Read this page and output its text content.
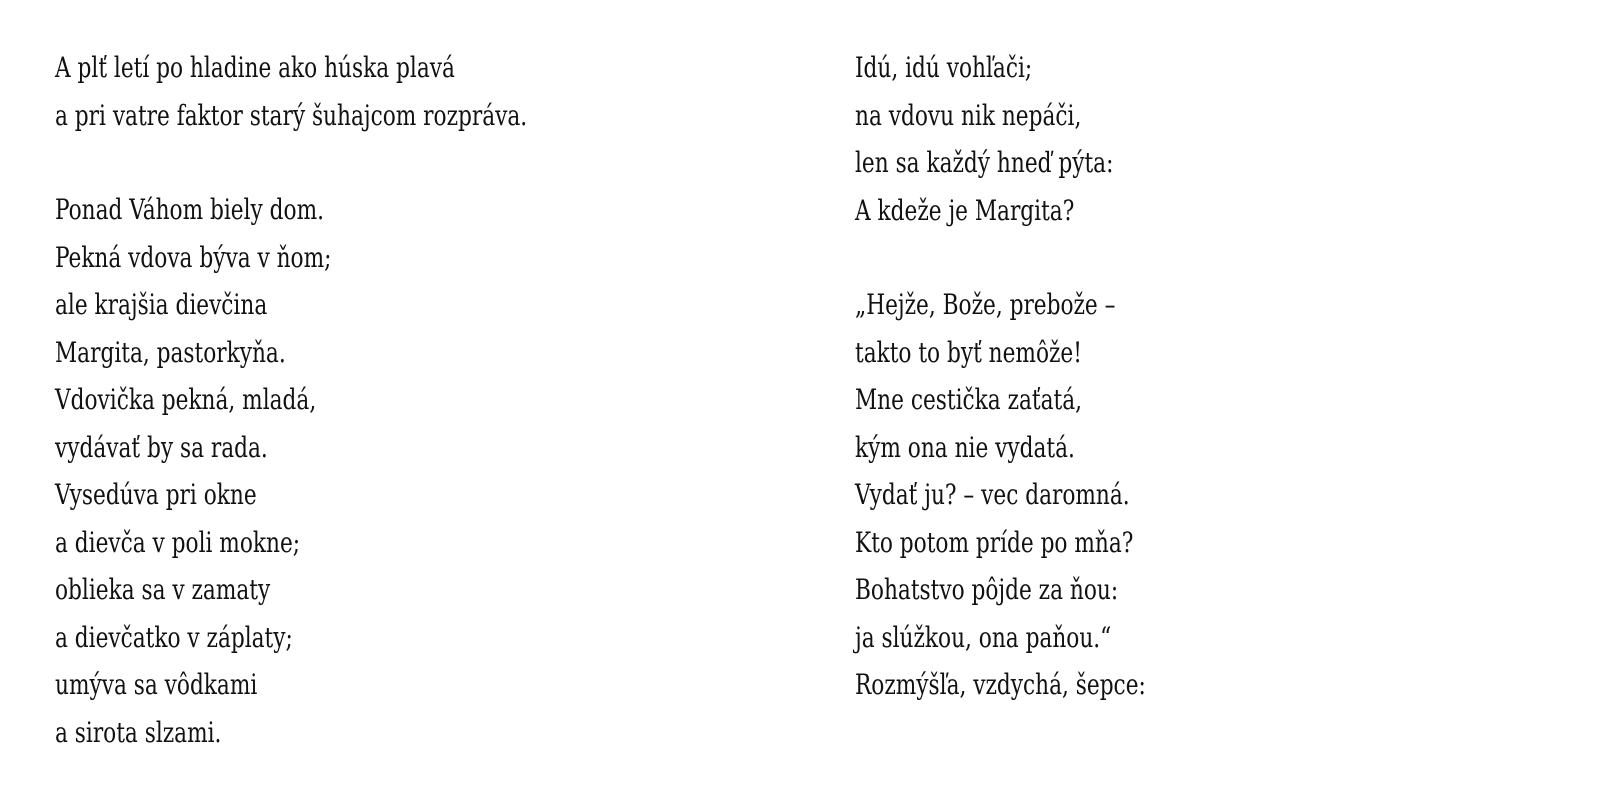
A plť letí po hladine ako húska plavá
a pri vatre faktor starý šuhajcom rozpráva.
Ponad Váhom biely dom.
Pekná vdova býva v ňom;
ale krajšia dievčina
Margita, pastorkyňa.
Vdovička pekná, mladá,
vydávať by sa rada.
Vysedúva pri okne
a dievča v poli mokne;
oblieka sa v zamaty
a dievčatko v záplaty;
umýva sa vôdkami
a sirota slzami.
Idú, idú vohľači;
na vdovu nik nepáči,
len sa každý hneď pýta:
A kdeže je Margita?
„Hejže, Bože, prebože –
takto to byť nemôže!
Mne cestička zaťatá,
kým ona nie vydatá.
Vydať ju? – vec daromná.
Kto potom príde po mňa?
Bohatstvo pôjde za ňou:
ja slúžkou, ona paňou.“
Rozmýšľa, vzdychá, šepce:
